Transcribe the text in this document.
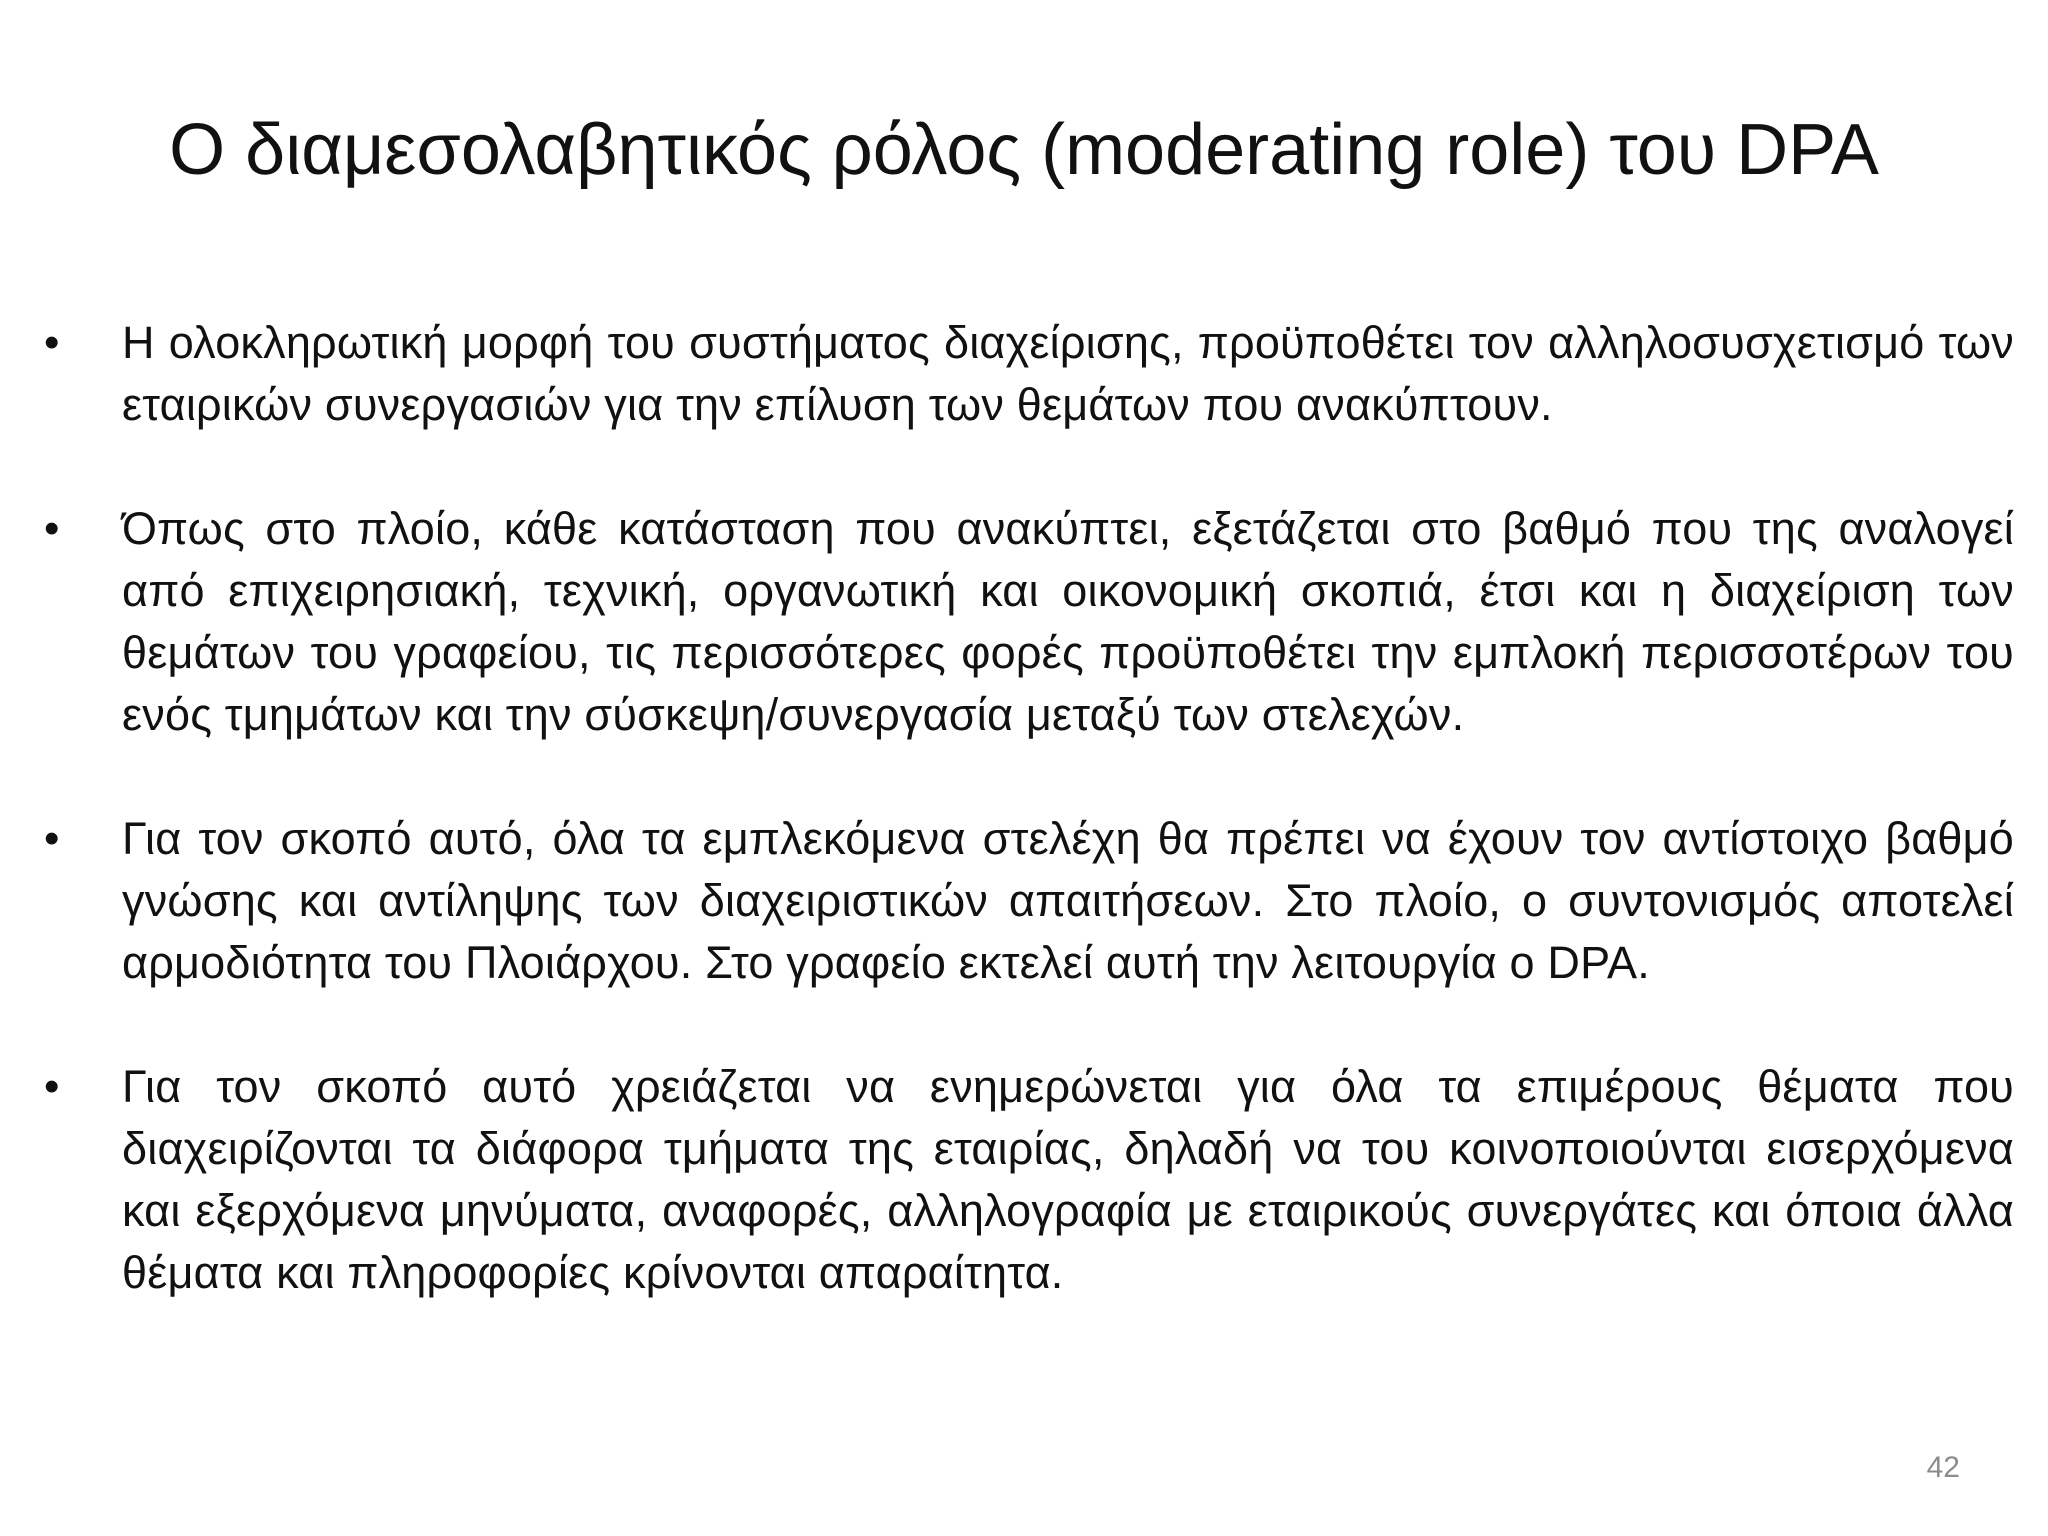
Ο διαμεσολαβητικός ρόλος (moderating role) του DPA
•	Η ολοκληρωτική μορφή του συστήματος διαχείρισης, προϋποθέτει τον αλληλοσυσχετισμό των εταιρικών συνεργασιών για την επίλυση των θεμάτων που ανακύπτουν.
•	Όπως στο πλοίο, κάθε κατάσταση που ανακύπτει, εξετάζεται στο βαθμό που της αναλογεί από επιχειρησιακή, τεχνική, οργανωτική και οικονομική σκοπιά, έτσι και η διαχείριση των θεμάτων του γραφείου, τις περισσότερες φορές προϋποθέτει την εμπλοκή περισσοτέρων του ενός τμημάτων και την σύσκεψη/συνεργασία μεταξύ των στελεχών.
•	Για τον σκοπό αυτό, όλα τα εμπλεκόμενα στελέχη θα πρέπει να έχουν τον αντίστοιχο βαθμό γνώσης και αντίληψης των διαχειριστικών απαιτήσεων. Στο πλοίο, ο συντονισμός αποτελεί αρμοδιότητα του Πλοιάρχου. Στο γραφείο εκτελεί αυτή την λειτουργία ο DPA.
•	Για τον σκοπό αυτό χρειάζεται να ενημερώνεται για όλα τα επιμέρους θέματα που διαχειρίζονται τα διάφορα τμήματα της εταιρίας, δηλαδή να του κοινοποιούνται εισερχόμενα και εξερχόμενα μηνύματα, αναφορές, αλληλογραφία με εταιρικούς συνεργάτες και όποια άλλα θέματα και πληροφορίες κρίνονται απαραίτητα.
42
